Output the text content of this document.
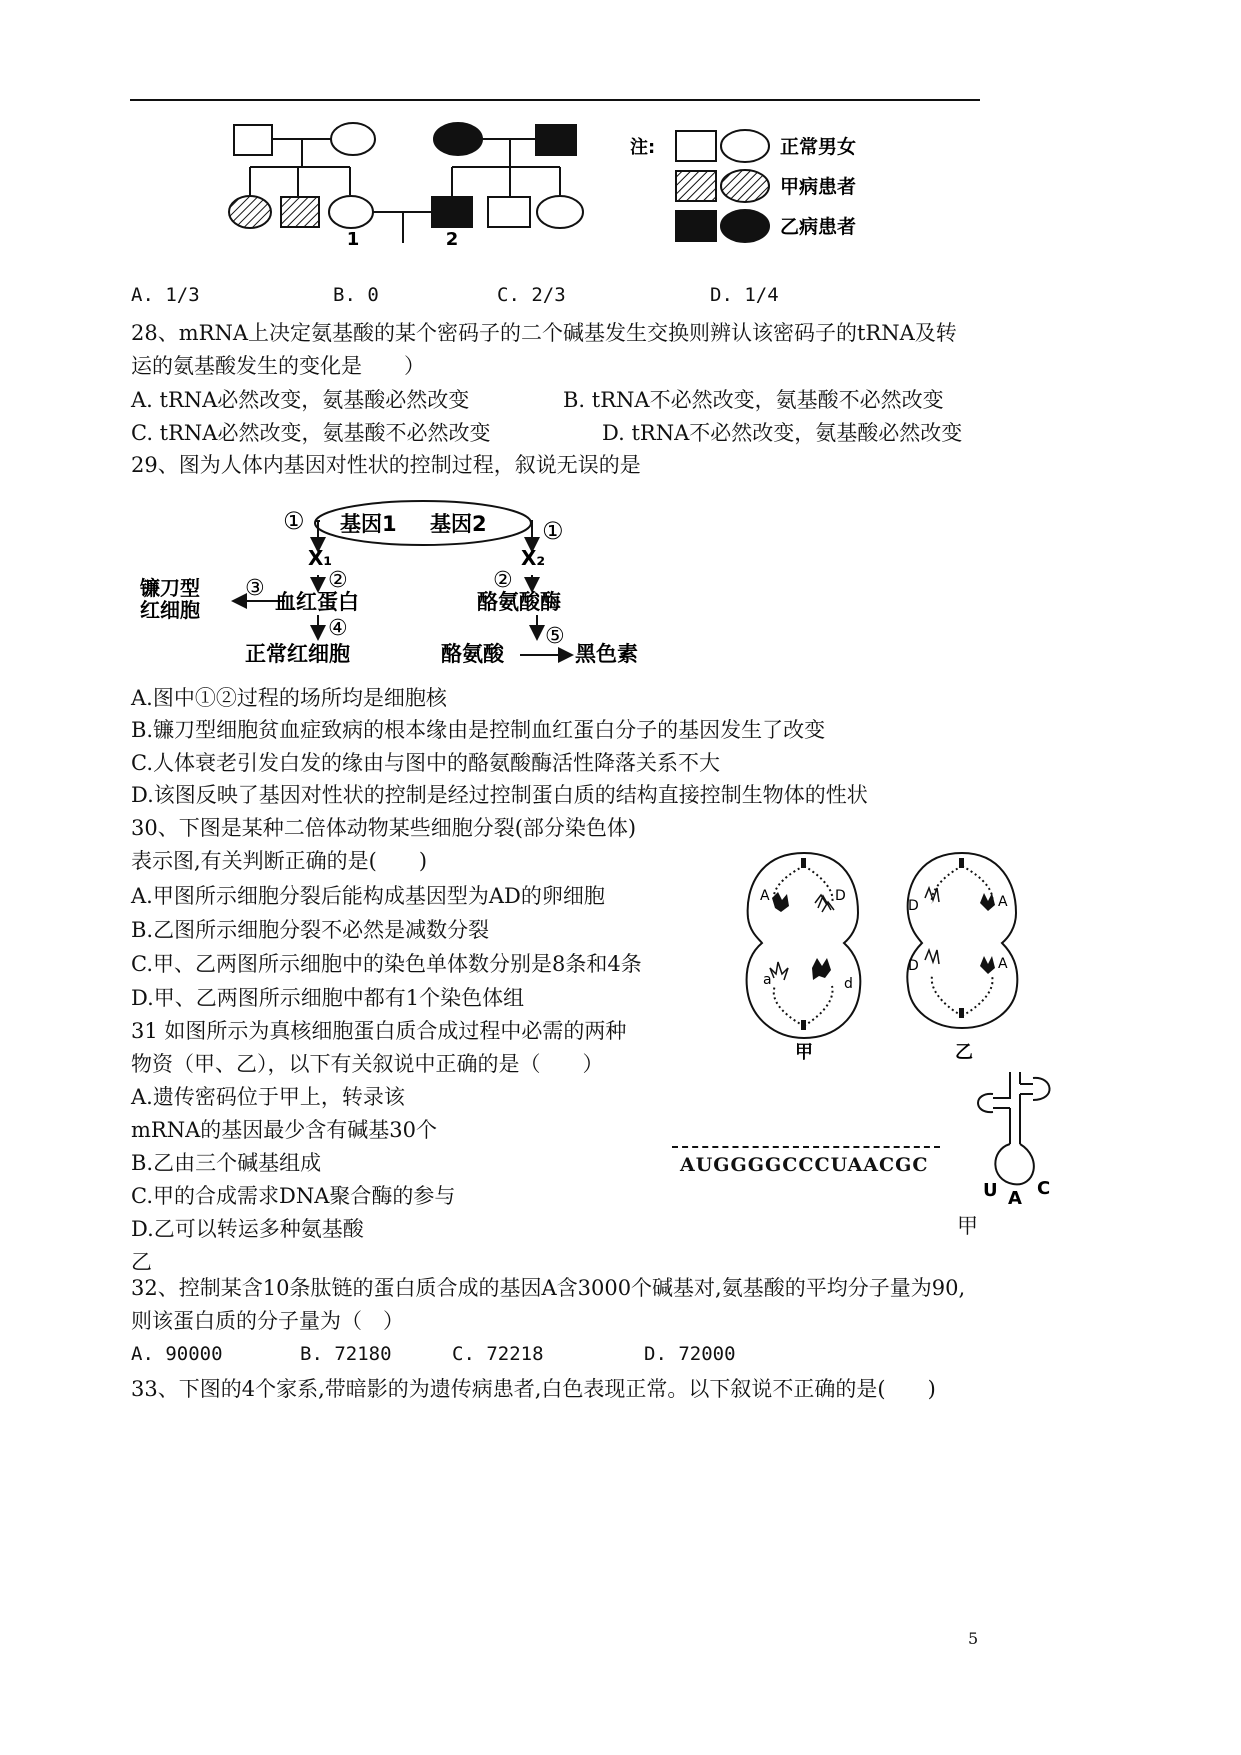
1	2
注:	正常男女
甲病患者
乙病患者
A. 1/3	B. 0	C. 2/3	D. 1/4
28、mRNA上决定氨基酸的某个密码子的二个碱基发生交换则辨认该密码子的tRNA及转
运的氨基酸发生的变化是　　）
A. tRNA必然改变，氨基酸必然改变	B. tRNA不必然改变，氨基酸不必然改变
C. tRNA必然改变，氨基酸不必然改变	D. tRNA不必然改变，氨基酸必然改变
29、图为人体内基因对性状的控制过程，叙说无误的是
① 基因1 基因2 ①
X₁	X₂
②	②
③
镰刀型
红细胞	血红蛋白	酪氨酸酶
④	⑤
正常红细胞	酪氨酸	黑色素
A.图中①②过程的场所均是细胞核
B.镰刀型细胞贫血症致病的根本缘由是控制血红蛋白分子的基因发生了改变
C.人体衰老引发白发的缘由与图中的酪氨酸酶活性降落关系不大
D.该图反映了基因对性状的控制是经过控制蛋白质的结构直接控制生物体的性状
30、下图是某种二倍体动物某些细胞分裂(部分染色体)
表示图,有关判断正确的是(　　)
A.甲图所示细胞分裂后能构成基因型为AD的卵细胞
B.乙图所示细胞分裂不必然是减数分裂
C.甲、乙两图所示细胞中的染色单体数分别是8条和4条
D.甲、乙两图所示细胞中都有1个染色体组
A	D
a	d
D	A
D	A
甲	乙
31 如图所示为真核细胞蛋白质合成过程中必需的两种
物资（甲、乙），以下有关叙说中正确的是（　　）
A.遗传密码位于甲上，转录该
mRNA的基因最少含有碱基30个
B.乙由三个碱基组成
C.甲的合成需求DNA聚合酶的参与
D.乙可以转运多种氨基酸
乙
甲
AUGGGGCCCUAACGC
U A C
32、控制某含10条肽链的蛋白质合成的基因A含3000个碱基对,氨基酸的平均分子量为90,
则该蛋白质的分子量为（　）
A. 90000	B. 72180	C. 72218	D. 72000
33、下图的4个家系,带暗影的为遗传病患者,白色表现正常。以下叙说不正确的是(　　)
5
